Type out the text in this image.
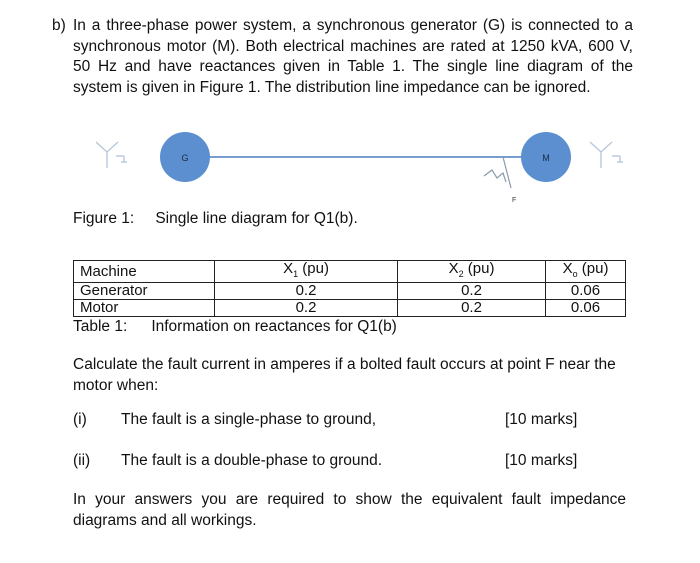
b) In a three-phase power system, a synchronous generator (G) is connected to a synchronous motor (M). Both electrical machines are rated at 1250 kVA, 600 V, 50 Hz and have reactances given in Table 1. The single line diagram of the system is given in Figure 1. The distribution line impedance can be ignored.
G	M
F
Figure 1: Single line diagram for Q1(b).
Machine	$X_1$ (pu)	$X_2$ (pu)	$X_o$ (pu)
Generator	0.2	0.2	0.06
Motor	0.2	0.2	0.06
Table 1: Information on reactances for Q1(b)
Calculate the fault current in amperes if a bolted fault occurs at point F near the motor when:
(i) The fault is a single-phase to ground,	[10 marks]
(ii) The fault is a double-phase to ground.	[10 marks]
In your answers you are required to show the equivalent fault impedance diagrams and all workings.
